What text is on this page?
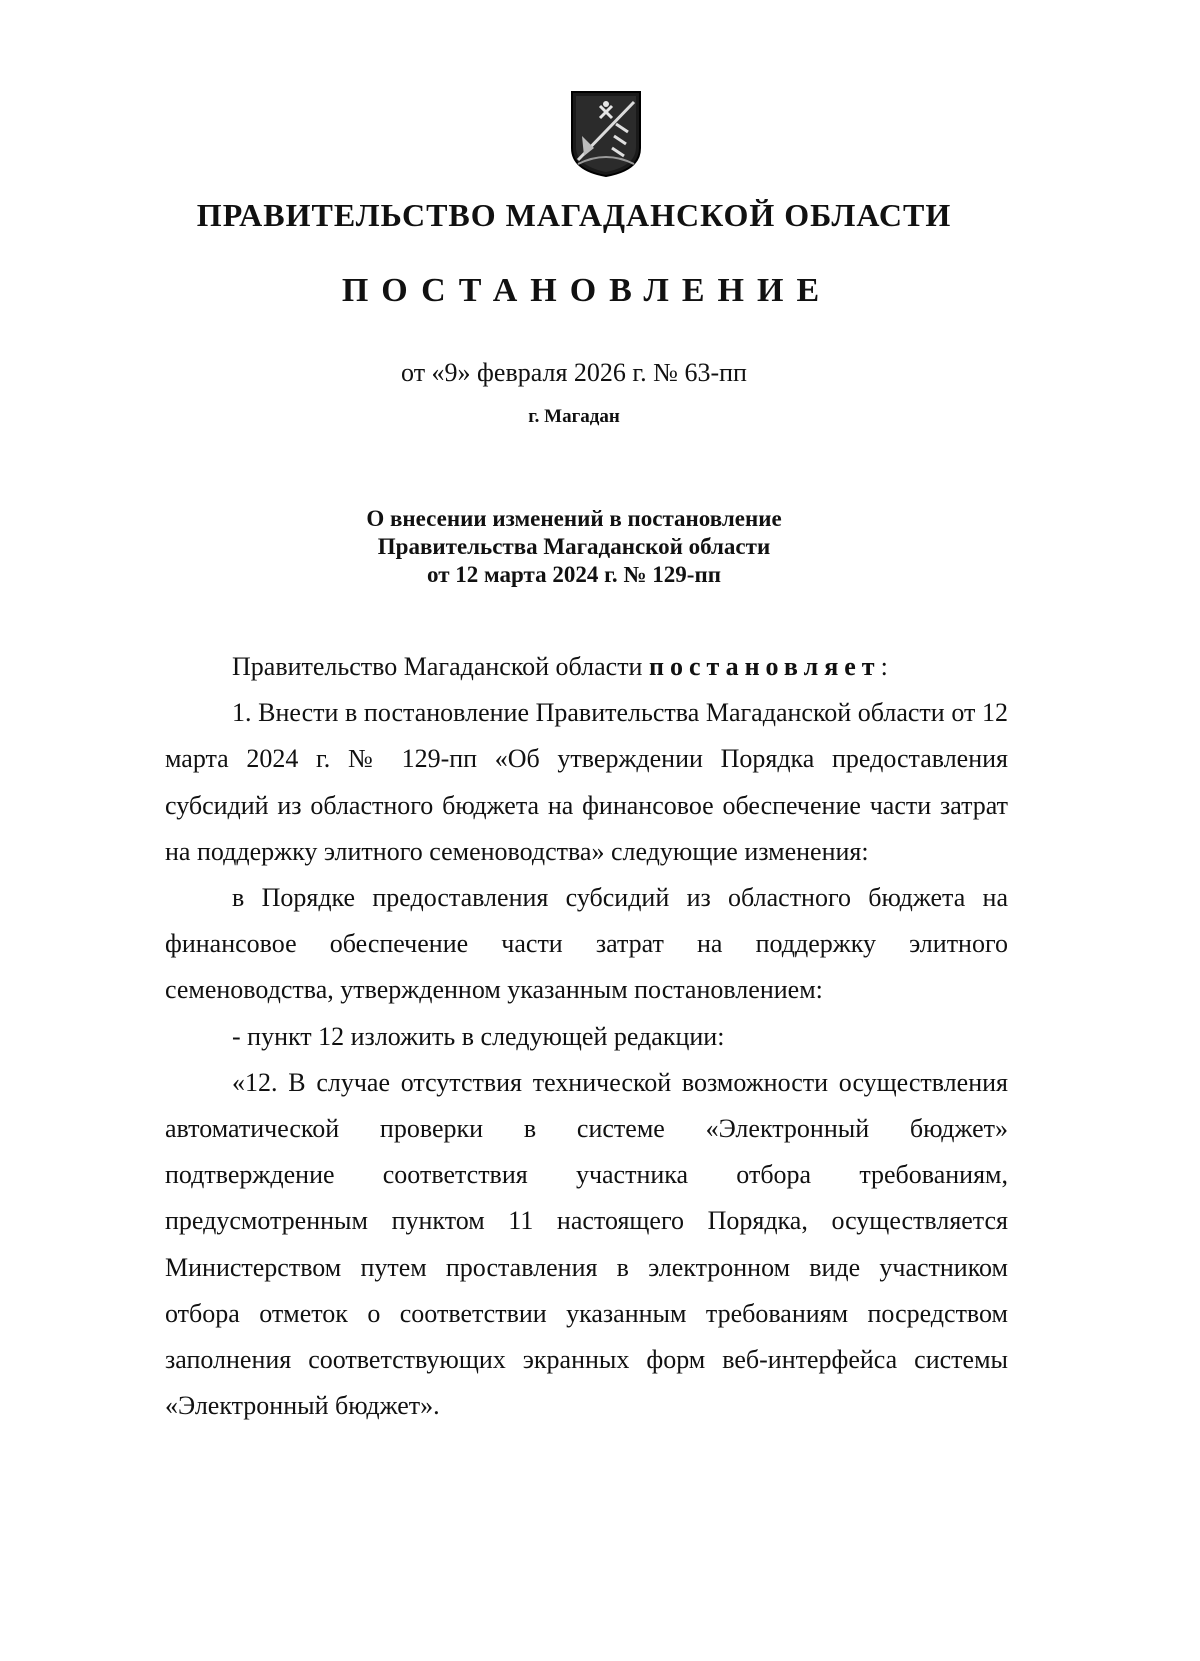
ПРАВИТЕЛЬСТВО МАГАДАНСКОЙ ОБЛАСТИ
ПОСТАНОВЛЕНИЕ
от «9» февраля 2026 г. № 63-пп
г. Магадан
О внесении изменений в постановление
Правительства Магаданской области
от 12 марта 2024 г. № 129-пп

Правительство Магаданской области постановляет:

1. Внести в постановление Правительства Магаданской области от 12 марта 2024 г. № 129-пп «Об утверждении Порядка предоставления субсидий из областного бюджета на финансовое обеспечение части затрат на поддержку элитного семеноводства» следующие изменения:

в Порядке предоставления субсидий из областного бюджета на финансовое обеспечение части затрат на поддержку элитного семеноводства, утвержденном указанным постановлением:

- пункт 12 изложить в следующей редакции:

«12. В случае отсутствия технической возможности осуществления автоматической проверки в системе «Электронный бюджет» подтверждение соответствия участника отбора требованиям, предусмотренным пунктом 11 настоящего Порядка, осуществляется Министерством путем проставления в электронном виде участником отбора отметок о соответствии указанным требованиям посредством заполнения соответствующих экранных форм веб-интерфейса системы «Электронный бюджет».
